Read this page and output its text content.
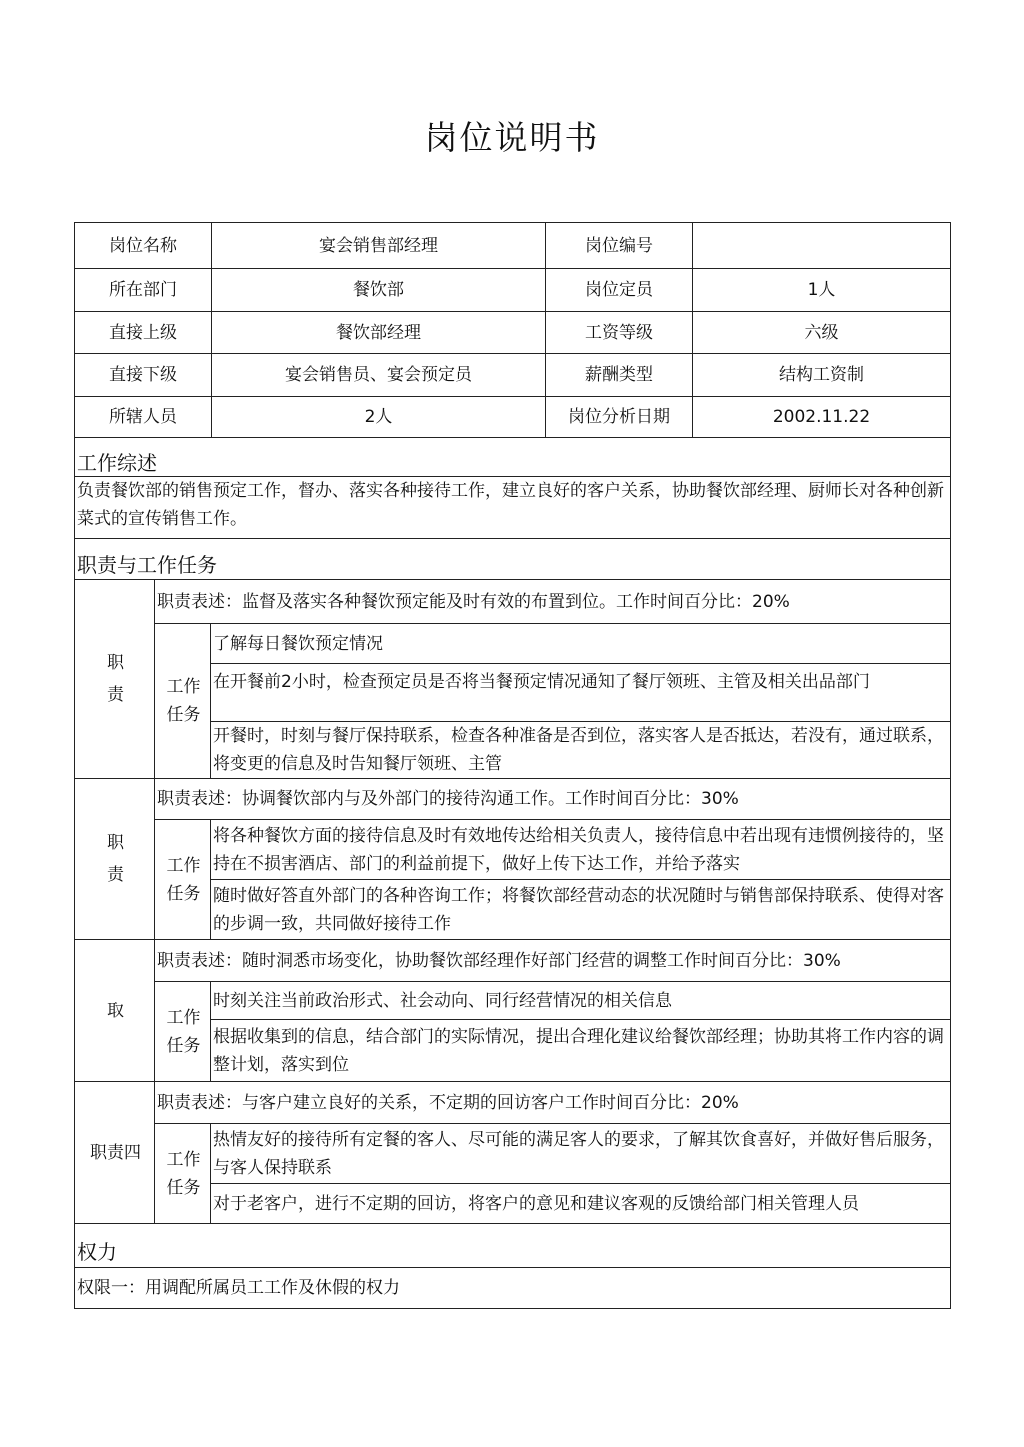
岗位说明书
岗位名称	宴会销售部经理	岗位编号	
所在部门	餐饮部	岗位定员	1人
直接上级	餐饮部经理	工资等级	六级
直接下级	宴会销售员、宴会预定员	薪酬类型	结构工资制
所辖人员	2人	岗位分析日期	2002.11.22
工作综述		
负责餐饮部的销售预定工作，督办、落实各种接待工作，建立良好的客户关系，协助餐饮部经理、厨师长对各种创新菜式的宣传销售工作。		
职责与工作任务		
职责	职责表述：监督及落实各种餐饮预定能及时有效的布置到位。工作时间百分比：20%	
	工作任务	了解每日餐饮预定情况
		在开餐前2小时，检查预定员是否将当餐预定情况通知了餐厅领班、主管及相关出品部门
		开餐时，时刻与餐厅保持联系，检查各种准备是否到位，落实客人是否抵达，若没有，通过联系，将变更的信息及时告知餐厅领班、主管
职责	职责表述：协调餐饮部内与及外部门的接待沟通工作。工作时间百分比：30%	
	工作任务	将各种餐饮方面的接待信息及时有效地传达给相关负责人，接待信息中若出现有违惯例接待的，坚持在不损害酒店、部门的利益前提下，做好上传下达工作，并给予落实
		随时做好答直外部门的各种咨询工作；将餐饮部经营动态的状况随时与销售部保持联系、使得对客的步调一致，共同做好接待工作
取	职责表述：随时洞悉市场变化，协助餐饮部经理作好部门经营的调整工作时间百分比：30%	
	工作任务	时刻关注当前政治形式、社会动向、同行经营情况的相关信息
		根据收集到的信息，结合部门的实际情况，提出合理化建议给餐饮部经理；协助其将工作内容的调整计划，落实到位
职责四	职责表述：与客户建立良好的关系，不定期的回访客户工作时间百分比：20%	
	工作任务	热情友好的接待所有定餐的客人、尽可能的满足客人的要求，了解其饮食喜好，并做好售后服务，与客人保持联系
		对于老客户，进行不定期的回访，将客户的意见和建议客观的反馈给部门相关管理人员
权力		
权限一：用调配所属员工工作及休假的权力		
